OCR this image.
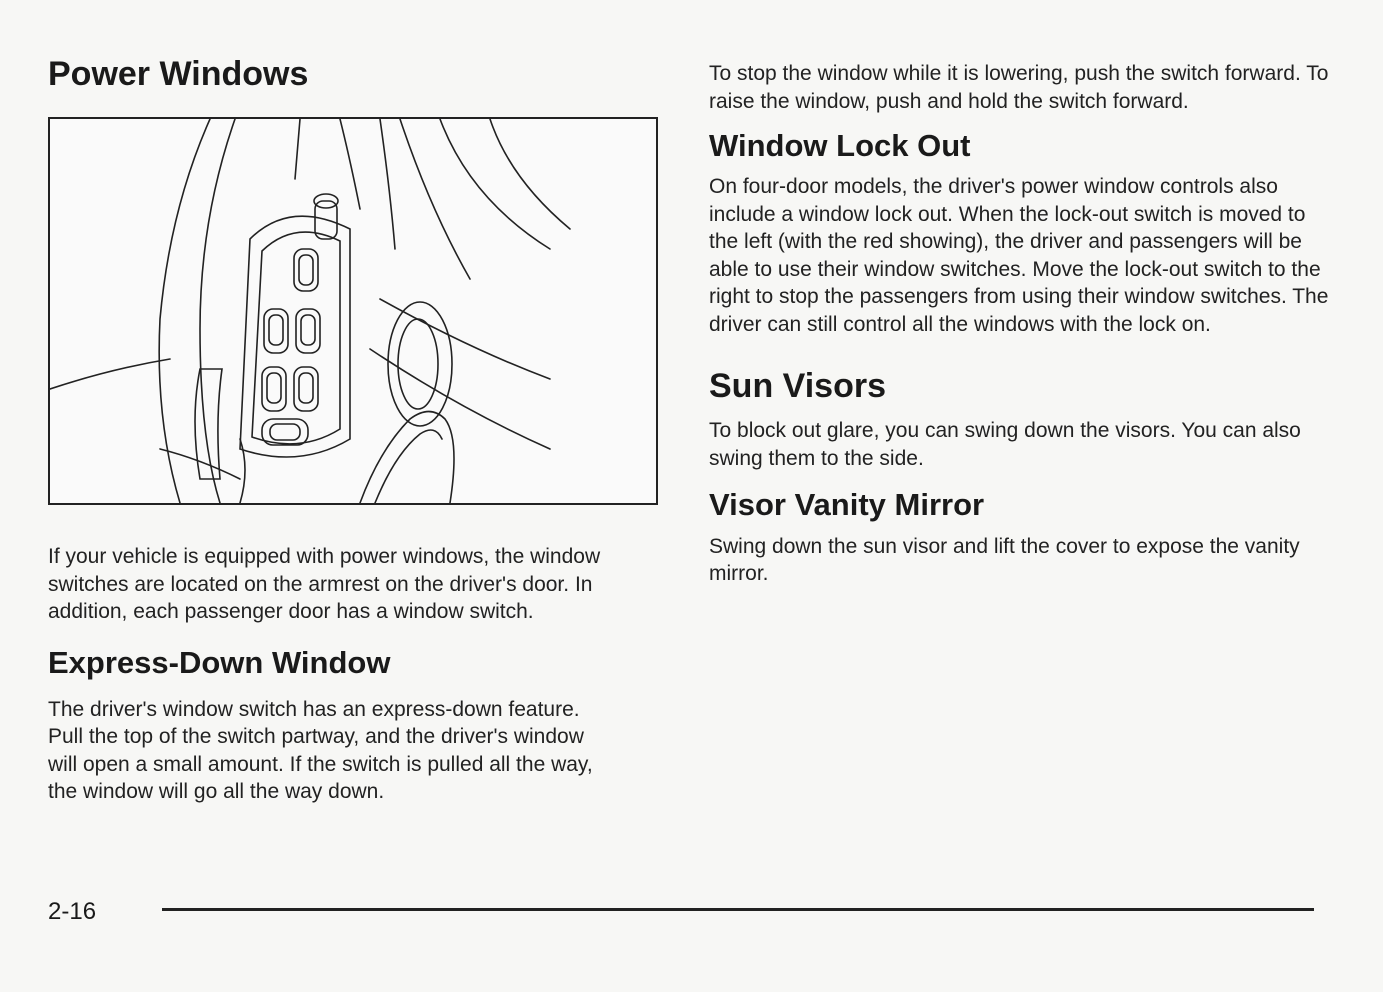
Power Windows

If your vehicle is equipped with power windows, the window switches are located on the armrest on the driver's door. In addition, each passenger door has a window switch.

Express-Down Window

The driver's window switch has an express-down feature. Pull the top of the switch partway, and the driver's window will open a small amount. If the switch is pulled all the way, the window will go all the way down.

To stop the window while it is lowering, push the switch forward. To raise the window, push and hold the switch forward.

Window Lock Out

On four-door models, the driver's power window controls also include a window lock out. When the lock-out switch is moved to the left (with the red showing), the driver and passengers will be able to use their window switches. Move the lock-out switch to the right to stop the passengers from using their window switches. The driver can still control all the windows with the lock on.

Sun Visors

To block out glare, you can swing down the visors. You can also swing them to the side.

Visor Vanity Mirror

Swing down the sun visor and lift the cover to expose the vanity mirror.

2-16
